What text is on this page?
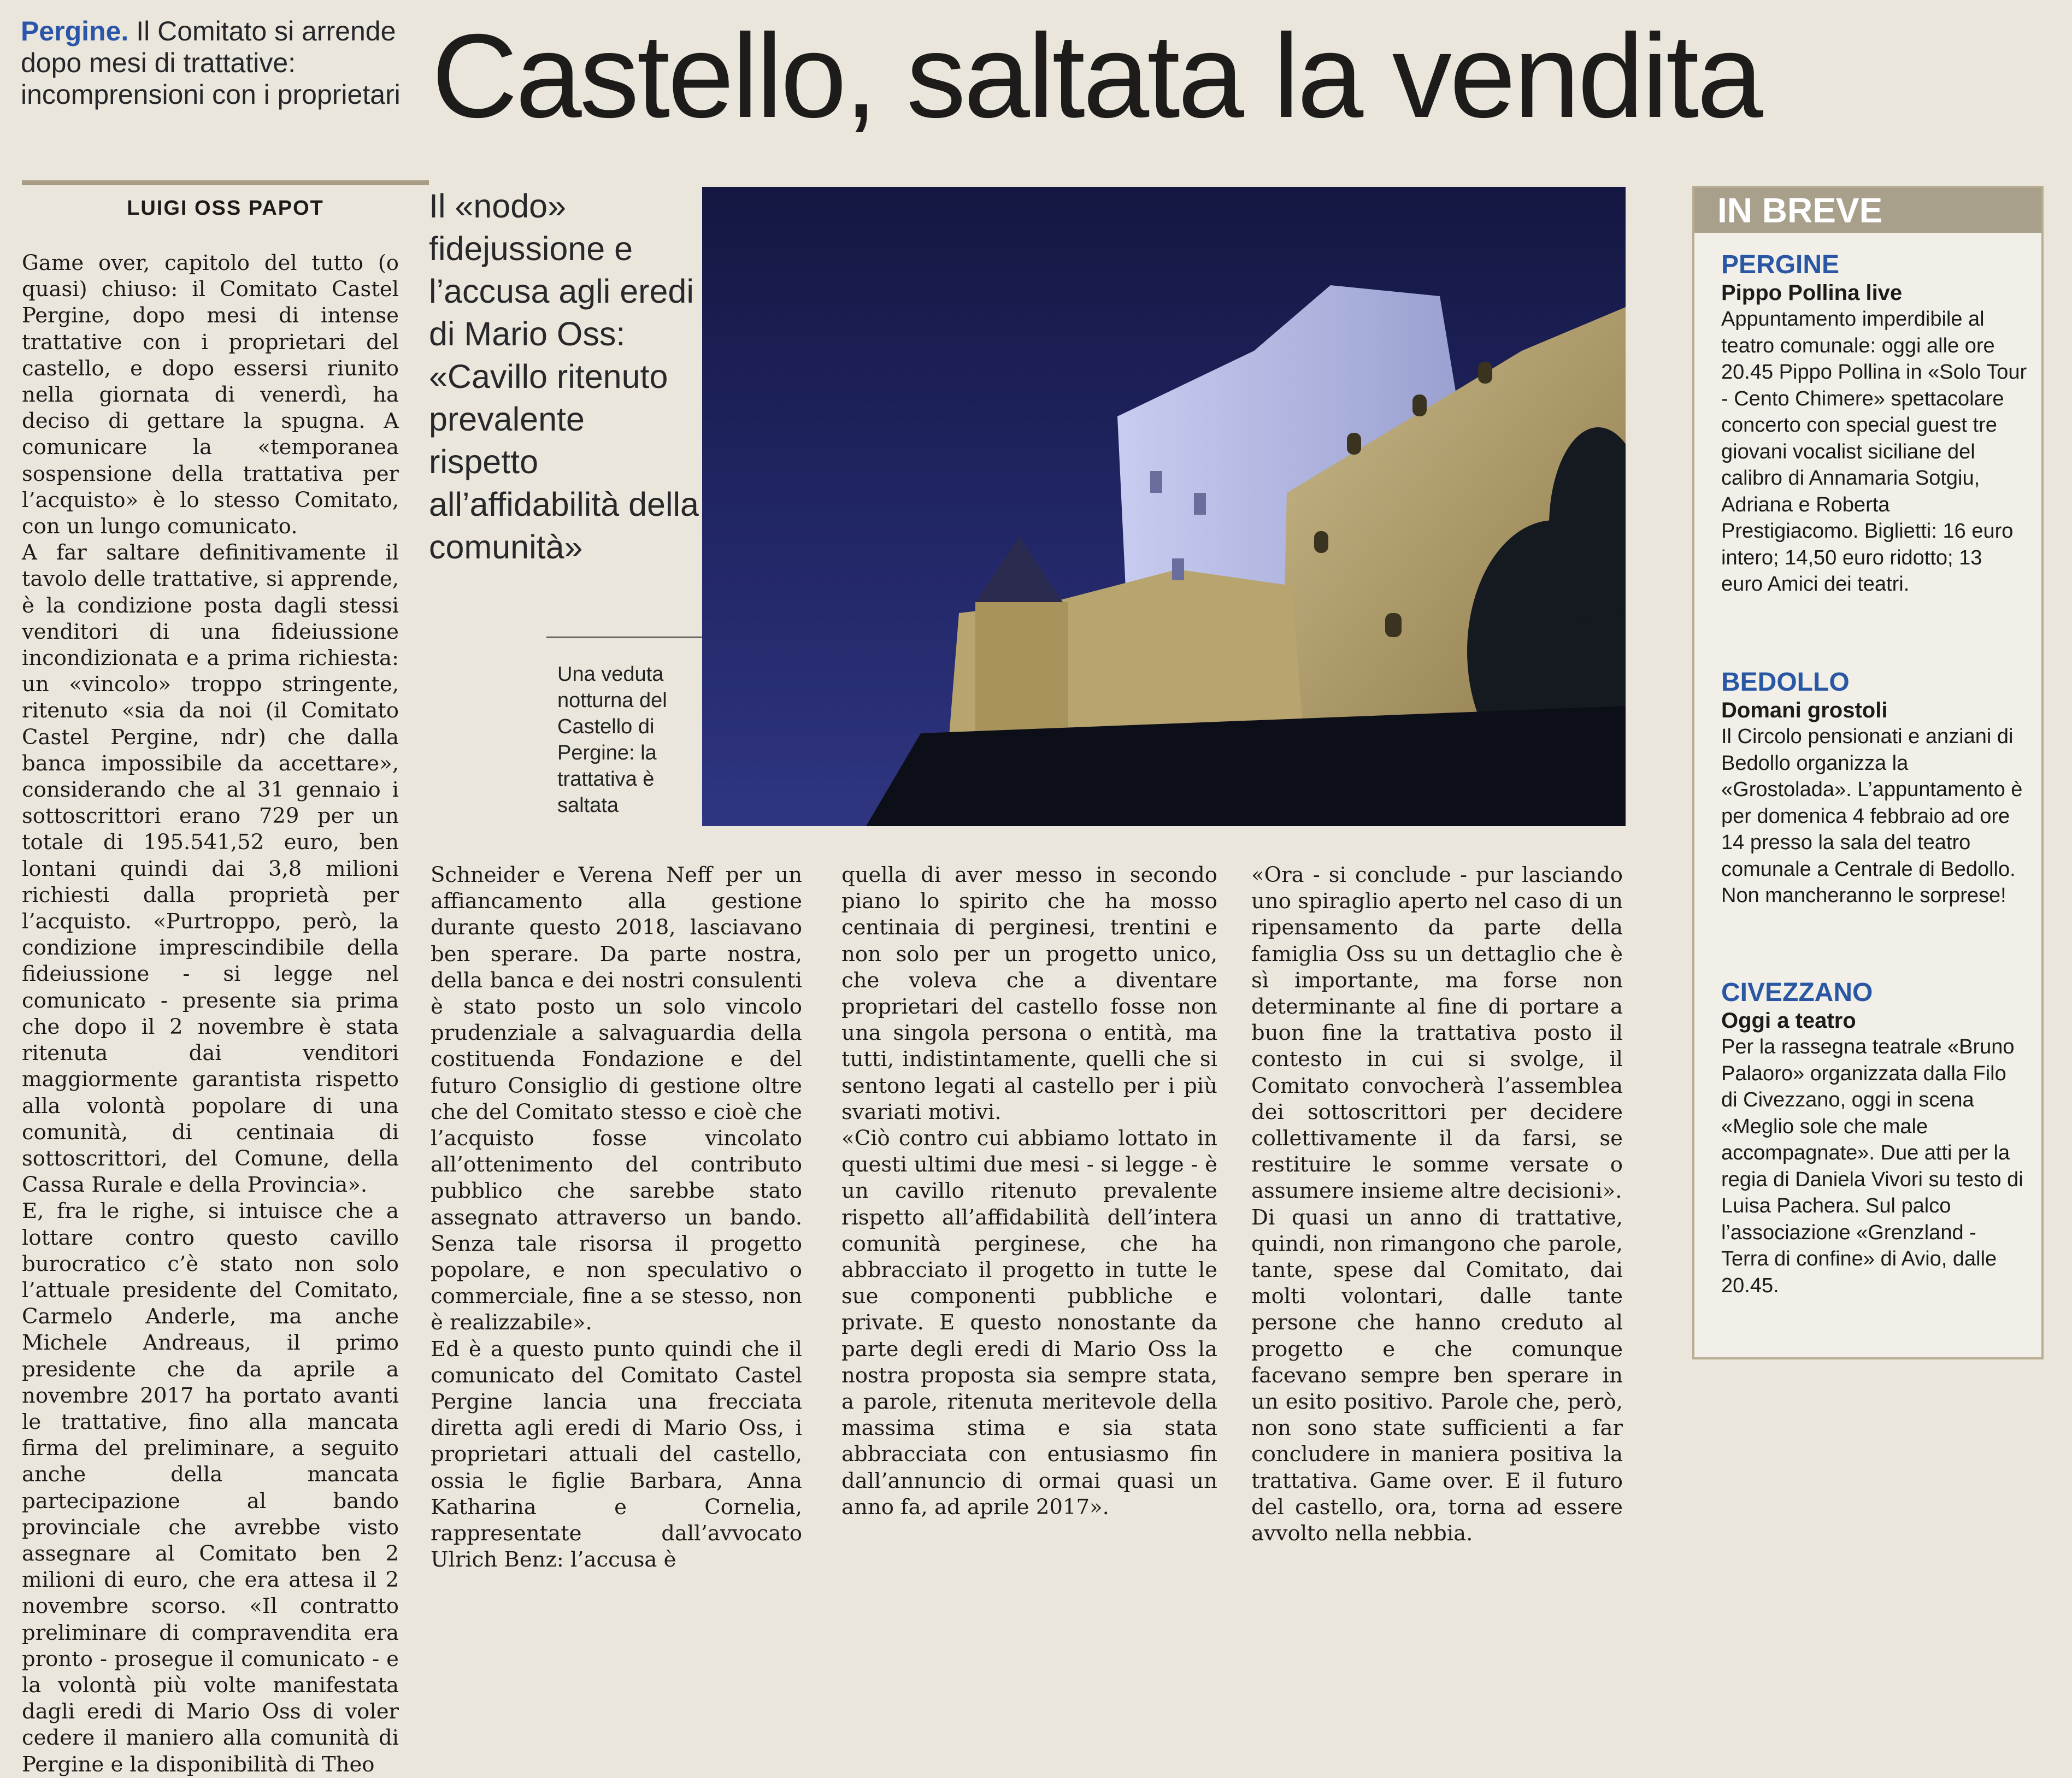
Pergine. Il Comitato si arrende dopo mesi di trattative: incomprensioni con i proprietari Castello, saltata la vendita
LUIGI OSS PAPOT

Game over, capitolo del tutto (o quasi) chiuso: il Comitato Castel Pergine, dopo mesi di intense trattative con i proprietari del castello, e dopo essersi riunito nella giornata di venerdì, ha deciso di gettare la spugna. A comunicare la «temporanea sospensione della trattativa per l’acquisto» è lo stesso Comitato, con un lungo comunicato.

A far saltare definitivamente il tavolo delle trattative, si apprende, è la condizione posta dagli stessi venditori di una fideiussione incondizionata e a prima richiesta: un «vincolo» troppo stringente, ritenuto «sia da noi (il Comitato Castel Pergine, ndr) che dalla banca impossibile da accettare», considerando che al 31 gennaio i sottoscrittori erano 729 per un totale di 195.541,52 euro, ben lontani quindi dai 3,8 milioni richiesti dalla proprietà per l’acquisto. «Purtroppo, però, la condizione imprescindibile della fideiussione - si legge nel comunicato - presente sia prima che dopo il 2 novembre è stata ritenuta dai venditori maggiormente garantista rispetto alla volontà popolare di una comunità, di centinaia di sottoscrittori, del Comune, della Cassa Rurale e della Provincia».

E, fra le righe, si intuisce che a lottare contro questo cavillo burocratico c’è stato non solo l’attuale presidente del Comitato, Carmelo Anderle, ma anche Michele Andreaus, il primo presidente che da aprile a novembre 2017 ha portato avanti le trattative, fino alla mancata firma del preliminare, a seguito anche della mancata partecipazione al bando provinciale che avrebbe visto assegnare al Comitato ben 2 milioni di euro, che era attesa il 2 novembre scorso. «Il contratto preliminare di compravendita era pronto - prosegue il comunicato - e la volontà più volte manifestata dagli eredi di Mario Oss di voler cedere il maniero alla comunità di Pergine e la disponibilità di Theo

Il «nodo» fidejussione e l’accusa agli eredi di Mario Oss: «Cavillo ritenuto prevalente rispetto all’affidabilità della comunità»
Una veduta notturna del Castello di Pergine: la trattativa è saltata

Schneider e Verena Neff per un affiancamento alla gestione durante questo 2018, lasciavano ben sperare. Da parte nostra, della banca e dei nostri consulenti è stato posto un solo vincolo prudenziale a salvaguardia della costituenda Fondazione e del futuro Consiglio di gestione oltre che del Comitato stesso e cioè che l’acquisto fosse vincolato all’ottenimento del contributo pubblico che sarebbe stato assegnato attraverso un bando. Senza tale risorsa il progetto popolare, e non speculativo o commerciale, fine a se stesso, non è realizzabile».

Ed è a questo punto quindi che il comunicato del Comitato Castel Pergine lancia una frecciata diretta agli eredi di Mario Oss, i proprietari attuali del castello, ossia le figlie Barbara, Anna Katharina e Cornelia, rappresentate dall’avvocato Ulrich Benz: l’accusa è

quella di aver messo in secondo piano lo spirito che ha mosso centinaia di perginesi, trentini e non solo per un progetto unico, che voleva che a diventare proprietari del castello fosse non una singola persona o entità, ma tutti, indistintamente, quelli che si sentono legati al castello per i più svariati motivi.

«Ciò contro cui abbiamo lottato in questi ultimi due mesi - si legge - è un cavillo ritenuto prevalente rispetto all’affidabilità dell’intera comunità perginese, che ha abbracciato il progetto in tutte le sue componenti pubbliche e private. E questo nonostante da parte degli eredi di Mario Oss la nostra proposta sia sempre stata, a parole, ritenuta meritevole della massima stima e sia stata abbracciata con entusiasmo fin dall’annuncio di ormai quasi un anno fa, ad aprile 2017».

«Ora - si conclude - pur lasciando uno spiraglio aperto nel caso di un ripensamento da parte della famiglia Oss su un dettaglio che è sì importante, ma forse non determinante al fine di portare a buon fine la trattativa posto il contesto in cui si svolge, il Comitato convocherà l’assemblea dei sottoscrittori per decidere collettivamente il da farsi, se restituire le somme versate o assumere insieme altre decisioni».

Di quasi un anno di trattative, quindi, non rimangono che parole, tante, spese dal Comitato, dai molti volontari, dalle tante persone che hanno creduto al progetto e che comunque facevano sempre ben sperare in un esito positivo. Parole che, però, non sono state sufficienti a far concludere in maniera positiva la trattativa. Game over. E il futuro del castello, ora, torna ad essere avvolto nella nebbia.

IN BREVE
PERGINE
Pippo Pollina live

Appuntamento imperdibile al teatro comunale: oggi alle ore 20.45 Pippo Pollina in «Solo Tour - Cento Chimere» spettacolare concerto con special guest tre giovani vocalist siciliane del calibro di Annamaria Sotgiu, Adriana e Roberta Prestigiacomo. Biglietti: 16 euro intero; 14,50 euro ridotto; 13 euro Amici dei teatri.

BEDOLLO
Domani grostoli

Il Circolo pensionati e anziani di Bedollo organizza la «Grostolada». L’appuntamento è per domenica 4 febbraio ad ore 14 presso la sala del teatro comunale a Centrale di Bedollo. Non mancheranno le sorprese!

CIVEZZANO
Oggi a teatro

Per la rassegna teatrale «Bruno Palaoro» organizzata dalla Filo di Civezzano, oggi in scena «Meglio sole che male accompagnate». Due atti per la regia di Daniela Vivori su testo di Luisa Pachera. Sul palco l’associazione «Grenzland - Terra di confine» di Avio, dalle 20.45.
